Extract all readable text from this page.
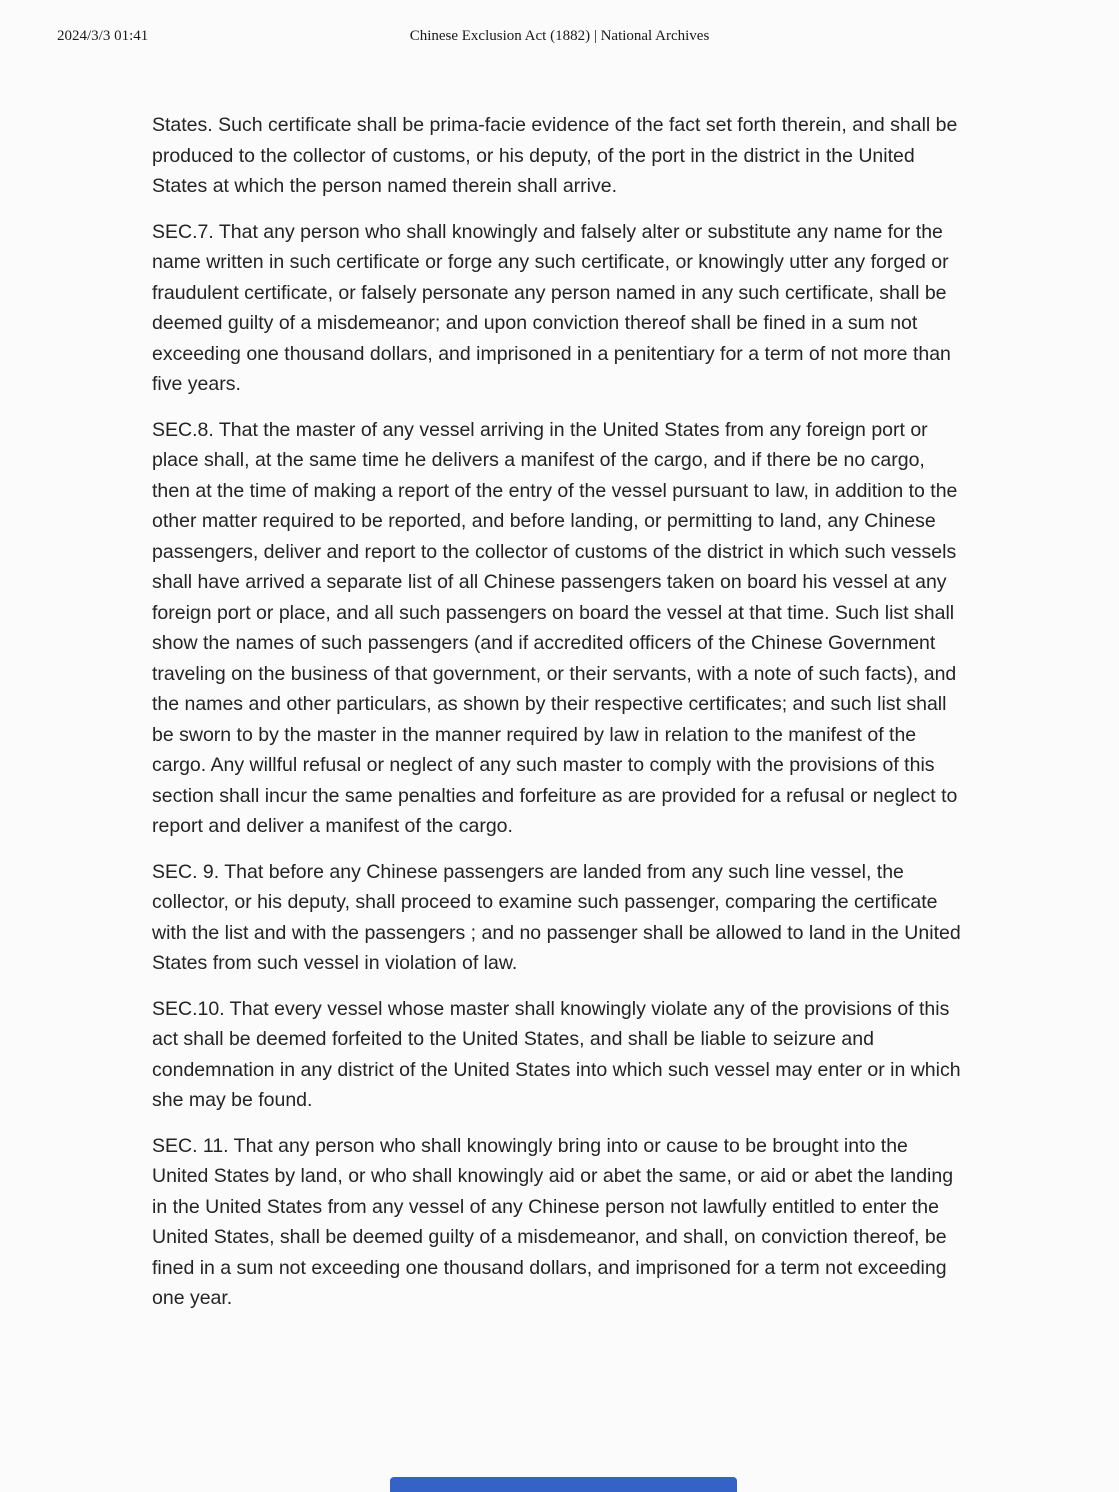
2024/3/3 01:41	Chinese Exclusion Act (1882) | National Archives

States. Such certificate shall be prima-facie evidence of the fact set forth therein, and shall be produced to the collector of customs, or his deputy, of the port in the district in the United States at which the person named therein shall arrive.

SEC.7. That any person who shall knowingly and falsely alter or substitute any name for the name written in such certificate or forge any such certificate, or knowingly utter any forged or fraudulent certificate, or falsely personate any person named in any such certificate, shall be deemed guilty of a misdemeanor; and upon conviction thereof shall be fined in a sum not exceeding one thousand dollars, and imprisoned in a penitentiary for a term of not more than five years.

SEC.8. That the master of any vessel arriving in the United States from any foreign port or place shall, at the same time he delivers a manifest of the cargo, and if there be no cargo, then at the time of making a report of the entry of the vessel pursuant to law, in addition to the other matter required to be reported, and before landing, or permitting to land, any Chinese passengers, deliver and report to the collector of customs of the district in which such vessels shall have arrived a separate list of all Chinese passengers taken on board his vessel at any foreign port or place, and all such passengers on board the vessel at that time. Such list shall show the names of such passengers (and if accredited officers of the Chinese Government traveling on the business of that government, or their servants, with a note of such facts), and the names and other particulars, as shown by their respective certificates; and such list shall be sworn to by the master in the manner required by law in relation to the manifest of the cargo. Any willful refusal or neglect of any such master to comply with the provisions of this section shall incur the same penalties and forfeiture as are provided for a refusal or neglect to report and deliver a manifest of the cargo.

SEC. 9. That before any Chinese passengers are landed from any such line vessel, the collector, or his deputy, shall proceed to examine such passenger, comparing the certificate with the list and with the passengers ; and no passenger shall be allowed to land in the United States from such vessel in violation of law.

SEC.10. That every vessel whose master shall knowingly violate any of the provisions of this act shall be deemed forfeited to the United States, and shall be liable to seizure and condemnation in any district of the United States into which such vessel may enter or in which she may be found.

SEC. 11. That any person who shall knowingly bring into or cause to be brought into the United States by land, or who shall knowingly aid or abet the same, or aid or abet the landing in the United States from any vessel of any Chinese person not lawfully entitled to enter the United States, shall be deemed guilty of a misdemeanor, and shall, on conviction thereof, be fined in a sum not exceeding one thousand dollars, and imprisoned for a term not exceeding one year.
